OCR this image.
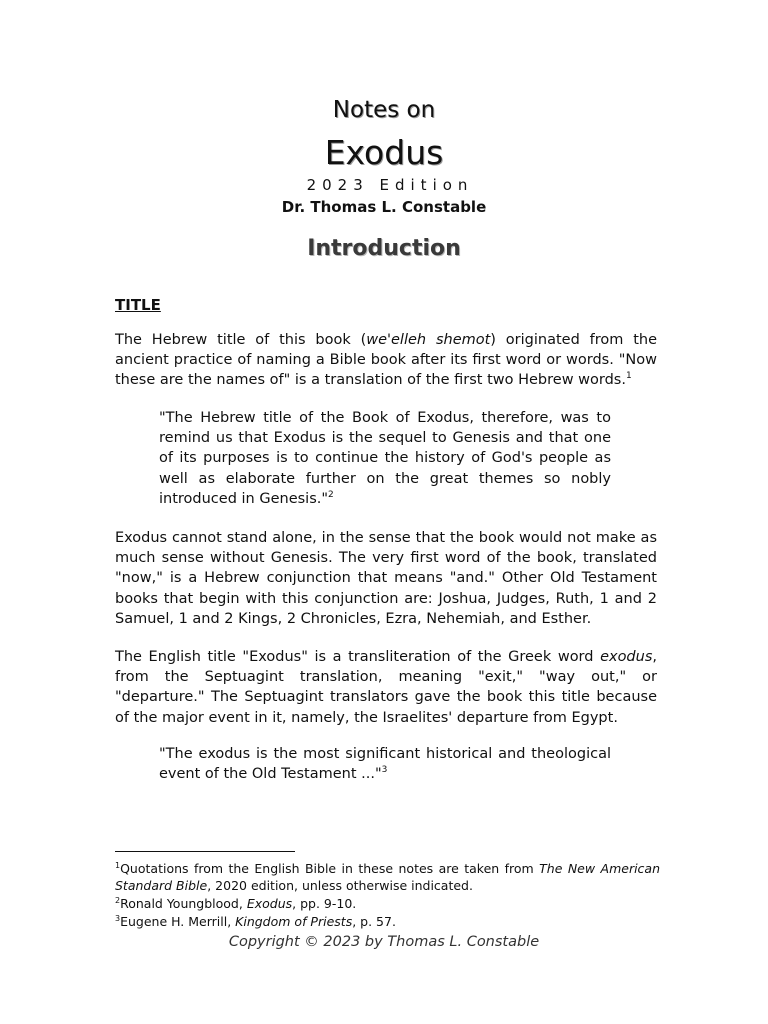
Notes on
Exodus
2023 Edition
Dr. Thomas L. Constable
Introduction
TITLE

The Hebrew title of this book (we'elleh shemot) originated from the ancient practice of naming a Bible book after its first word or words. "Now these are the names of" is a translation of the first two Hebrew words.$^1$

"The Hebrew title of the Book of Exodus, therefore, was to remind us that Exodus is the sequel to Genesis and that one of its purposes is to continue the history of God's people as well as elaborate further on the great themes so nobly introduced in Genesis."$^2$

Exodus cannot stand alone, in the sense that the book would not make as much sense without Genesis. The very first word of the book, translated "now," is a Hebrew conjunction that means "and." Other Old Testament books that begin with this conjunction are: Joshua, Judges, Ruth, 1 and 2 Samuel, 1 and 2 Kings, 2 Chronicles, Ezra, Nehemiah, and Esther.

The English title "Exodus" is a transliteration of the Greek word exodus, from the Septuagint translation, meaning "exit," "way out," or "departure." The Septuagint translators gave the book this title because of the major event in it, namely, the Israelites' departure from Egypt.

"The exodus is the most significant historical and theological event of the Old Testament ..."$^3$

$^1$Quotations from the English Bible in these notes are taken from The New American Standard Bible, 2020 edition, unless otherwise indicated.

$^2$Ronald Youngblood, Exodus, pp. 9-10.

$^3$Eugene H. Merrill, Kingdom of Priests, p. 57.

Copyright © 2023 by Thomas L. Constable
